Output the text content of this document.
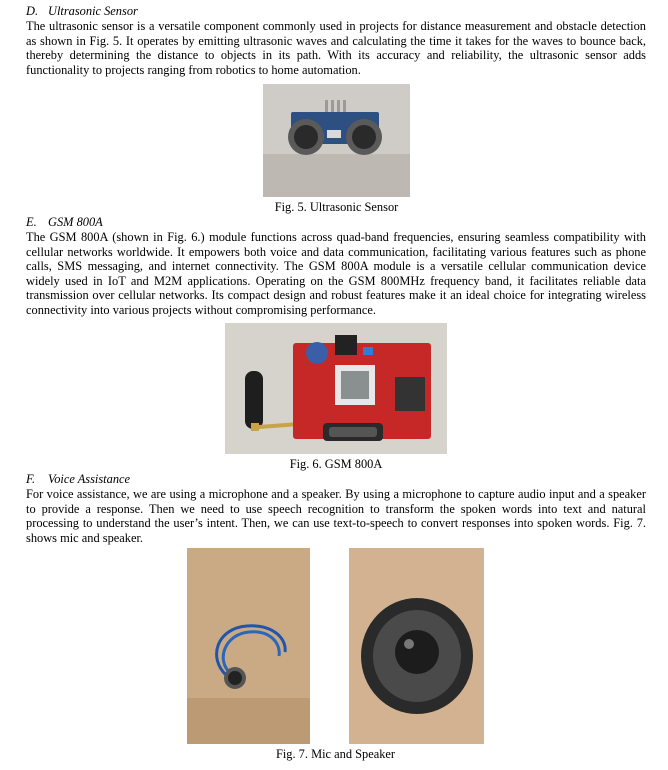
D. Ultrasonic Sensor
The ultrasonic sensor is a versatile component commonly used in projects for distance measurement and obstacle detection as shown in Fig. 5. It operates by emitting ultrasonic waves and calculating the time it takes for the waves to bounce back, thereby determining the distance to objects in its path. With its accuracy and reliability, the ultrasonic sensor adds functionality to projects ranging from robotics to home automation.
Fig. 5. Ultrasonic Sensor
E. GSM 800A
The GSM 800A (shown in Fig. 6.) module functions across quad-band frequencies, ensuring seamless compatibility with cellular networks worldwide. It empowers both voice and data communication, facilitating various features such as phone calls, SMS messaging, and internet connectivity. The GSM 800A module is a versatile cellular communication device widely used in IoT and M2M applications. Operating on the GSM 800MHz frequency band, it facilitates reliable data transmission over cellular networks. Its compact design and robust features make it an ideal choice for integrating wireless connectivity into various projects without compromising performance.
Fig. 6. GSM 800A
F. Voice Assistance
For voice assistance, we are using a microphone and a speaker. By using a microphone to capture audio input and a speaker to provide a response. Then we need to use speech recognition to transform the spoken words into text and natural processing to understand the user’s intent. Then, we can use text-to-speech to convert responses into spoken words. Fig. 7. shows mic and speaker.
Fig. 7. Mic and Speaker
